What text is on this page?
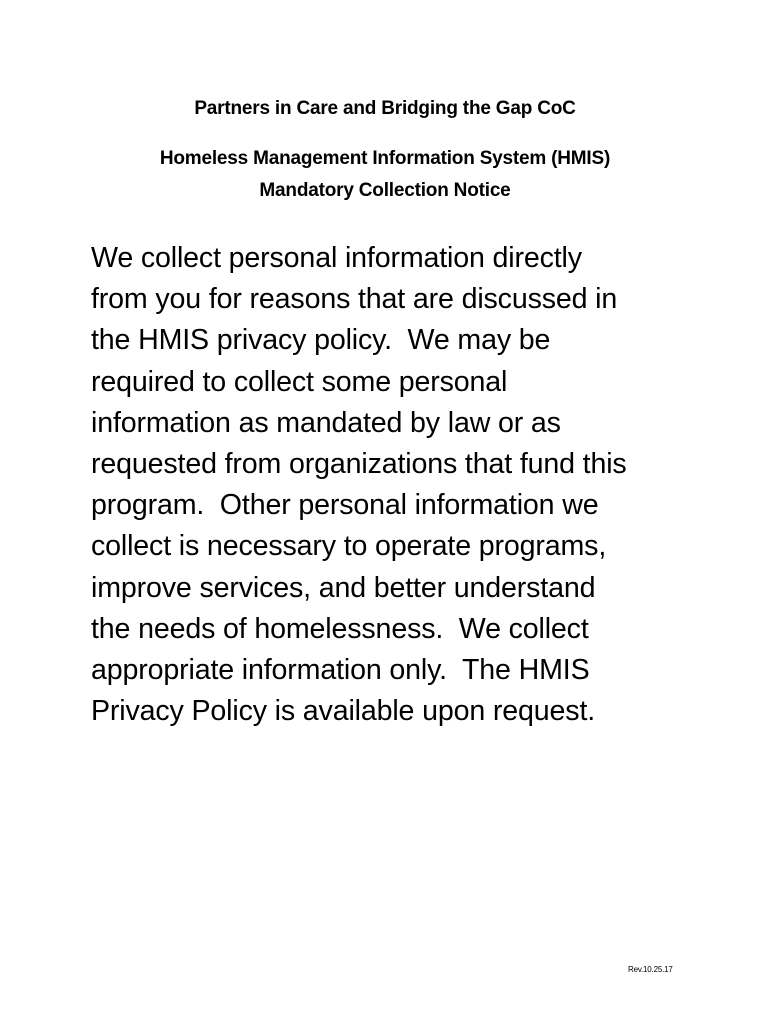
Partners in Care and Bridging the Gap CoC
Homeless Management Information System (HMIS)
Mandatory Collection Notice
We collect personal information directly
from you for reasons that are discussed in
the HMIS privacy policy.  We may be
required to collect some personal
information as mandated by law or as
requested from organizations that fund this
program.  Other personal information we
collect is necessary to operate programs,
improve services, and better understand
the needs of homelessness.  We collect
appropriate information only.  The HMIS
Privacy Policy is available upon request.
Rev.10.25.17
